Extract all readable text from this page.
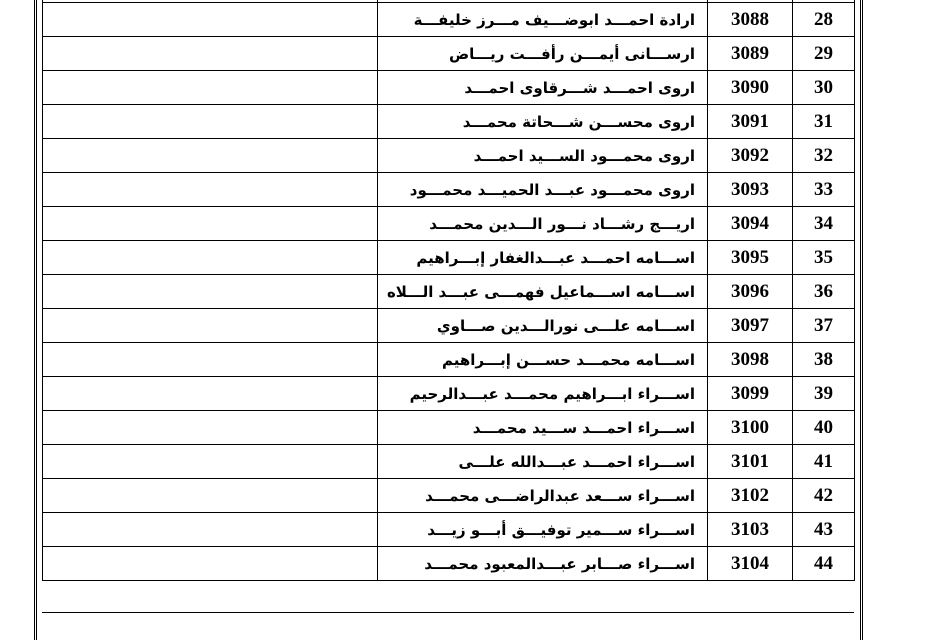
	ارادة احمـــد ابوضـــيف مـــرز خليفـــة	3088	28
	ارســـانى أيمـــن رأفـــت ريـــاض	3089	29
	اروى احمـــد شـــرقاوى احمـــد	3090	30
	اروى محســـن شـــحاتة محمـــد	3091	31
	اروى محمـــود الســـيد احمـــد	3092	32
	اروى محمـــود عبـــد الحميـــد محمـــود	3093	33
	اريـــج رشـــاد نـــور الـــدين محمـــد	3094	34
	اســـامه احمـــد عبـــدالغفار إبـــراهيم	3095	35
	اســـامه اســـماعيل فهمـــى عبـــد الـــلاه	3096	36
	اســـامه علـــى نورالـــدين صـــاوي	3097	37
	اســـامه محمـــد حســـن إبـــراهيم	3098	38
	اســـراء ابـــراهيم محمـــد عبـــدالرحيم	3099	39
	اســـراء احمـــد ســـيد محمـــد	3100	40
	اســـراء احمـــد عبـــدالله علـــى	3101	41
	اســـراء ســـعد عبدالراضـــى محمـــد	3102	42
	اســـراء ســـمير توفيـــق أبـــو زيـــد	3103	43
	اســـراء صـــابر عبـــدالمعبود محمـــد	3104	44
